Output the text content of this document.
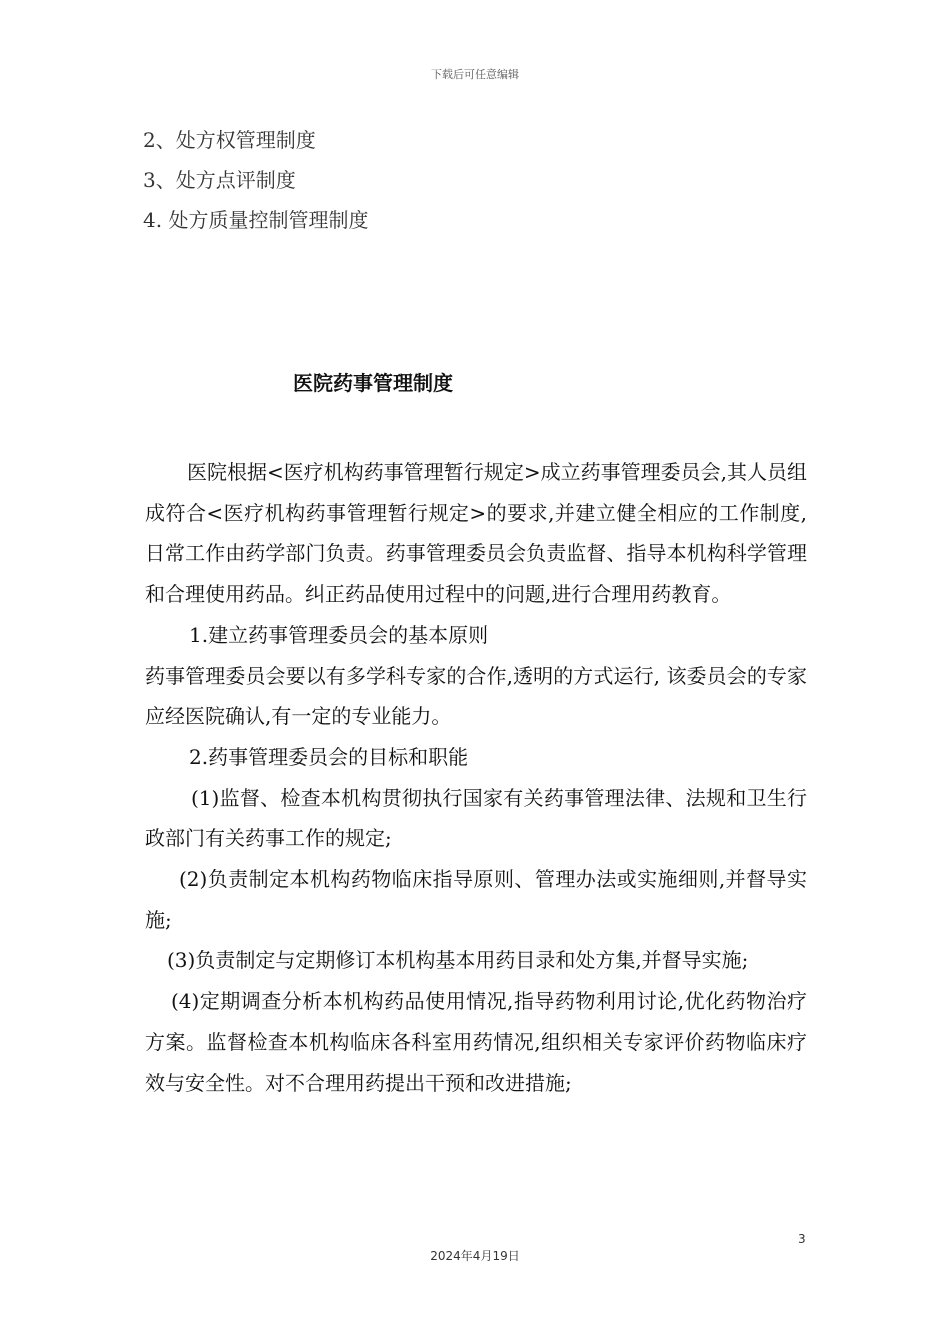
下载后可任意编辑
2、处方权管理制度
3、处方点评制度
4. 处方质量控制管理制度
医院药事管理制度

医院根据<医疗机构药事管理暂行规定>成立药事管理委员会,其人员组成符合<医疗机构药事管理暂行规定>的要求,并建立健全相应的工作制度,日常工作由药学部门负责。药事管理委员会负责监督、指导本机构科学管理和合理使用药品。纠正药品使用过程中的问题,进行合理用药教育。

1.建立药事管理委员会的基本原则

药事管理委员会要以有多学科专家的合作,透明的方式运行, 该委员会的专家应经医院确认,有一定的专业能力。

2.药事管理委员会的目标和职能

(1)监督、检查本机构贯彻执行国家有关药事管理法律、法规和卫生行政部门有关药事工作的规定;

(2)负责制定本机构药物临床指导原则、管理办法或实施细则,并督导实施;

(3)负责制定与定期修订本机构基本用药目录和处方集,并督导实施;

(4)定期调查分析本机构药品使用情况,指导药物利用讨论,优化药物治疗方案。监督检查本机构临床各科室用药情况,组织相关专家评价药物临床疗效与安全性。对不合理用药提出干预和改进措施;

3
2024年4月19日
